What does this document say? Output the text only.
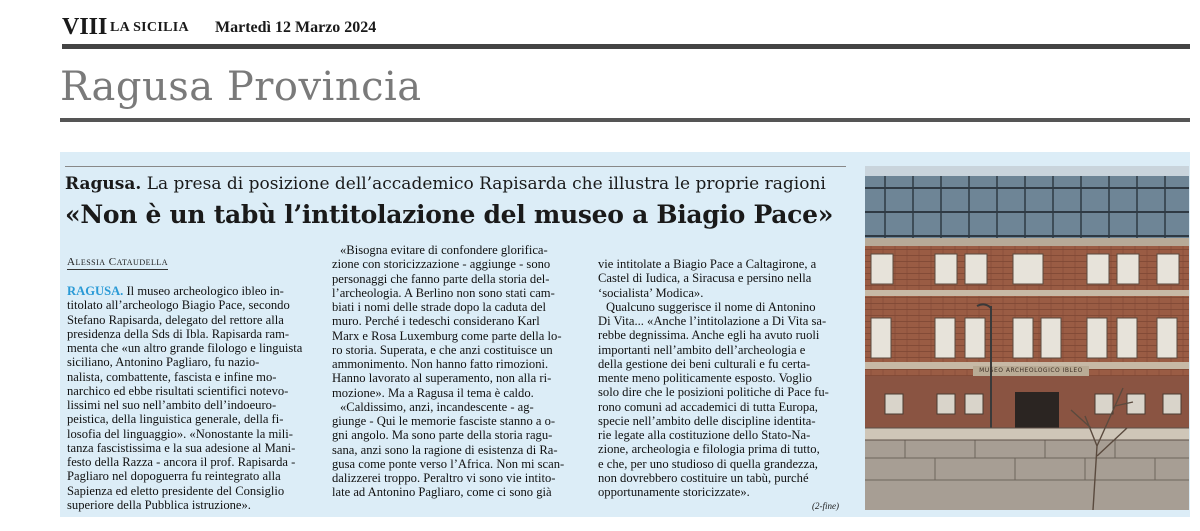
VIII LA SICILIA Martedì 12 Marzo 2024
Ragusa Provincia
Ragusa. La presa di posizione dell’accademico Rapisarda che illustra le proprie ragioni
«Non è un tabù l’intitolazione del museo a Biagio Pace»
Alessia Cataudella
RAGUSA. Il museo archeologico ibleo in-
titolato all’archeologo Biagio Pace, secondo
Stefano Rapisarda, delegato del rettore alla
presidenza della Sds di Ibla. Rapisarda ram-
menta che «un altro grande filologo e linguista
siciliano, Antonino Pagliaro, fu nazio-
nalista, combattente, fascista e infine mo-
narchico ed ebbe risultati scientifici notevo-
lissimi nel suo nell’ambito dell’indoeuro-
peistica, della linguistica generale, della fi-
losofia del linguaggio». «Nonostante la mili-
tanza fascistissima e la sua adesione al Mani-
festo della Razza - ancora il prof. Rapisarda -
Pagliaro nel dopoguerra fu reintegrato alla
Sapienza ed eletto presidente del Consiglio
superiore della Pubblica istruzione».
«Bisogna evitare di confondere glorifica-
zione con storicizzazione - aggiunge - sono
personaggi che fanno parte della storia del-
l’archeologia. A Berlino non sono stati cam-
biati i nomi delle strade dopo la caduta del
muro. Perché i tedeschi considerano Karl
Marx e Rosa Luxemburg come parte della lo-
ro storia. Superata, e che anzi costituisce un
ammonimento. Non hanno fatto rimozioni.
Hanno lavorato al superamento, non alla ri-
mozione». Ma a Ragusa il tema è caldo.
«Caldissimo, anzi, incandescente - ag-
giunge - Qui le memorie fasciste stanno a o-
gni angolo. Ma sono parte della storia ragu-
sana, anzi sono la ragione di esistenza di Ra-
gusa come ponte verso l’Africa. Non mi scan-
dalizzerei troppo. Peraltro vi sono vie intito-
late ad Antonino Pagliaro, come ci sono già
vie intitolate a Biagio Pace a Caltagirone, a
Castel di Iudica, a Siracusa e persino nella
‘socialista’ Modica».
Qualcuno suggerisce il nome di Antonino
Di Vita... «Anche l’intitolazione a Di Vita sa-
rebbe degnissima. Anche egli ha avuto ruoli
importanti nell’ambito dell’archeologia e
della gestione dei beni culturali e fu certa-
mente meno politicamente esposto. Voglio
solo dire che le posizioni politiche di Pace fu-
rono comuni ad accademici di tutta Europa,
specie nell’ambito delle discipline identita-
rie legate alla costituzione dello Stato-Na-
zione, archeologia e filologia prima di tutto,
e che, per uno studioso di quella grandezza,
non dovrebbero costituire un tabù, purché
opportunamente storicizzate».
(2-fine)
MUSEO ARCHEOLOGICO IBLEO
